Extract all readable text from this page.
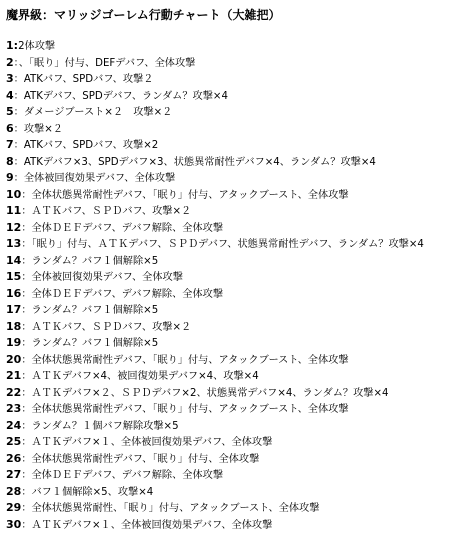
魔界級：マリッジゴーレム行動チャート（大雑把）
1:2体攻撃
2：、「眠り」付与、DEFデバフ、全体攻撃
3：ATKバフ、SPDバフ、攻撃２
4：ATKデバフ、SPDデバフ、ランダム？攻撃×4
5：ダメージブースト×２　攻撃×２
6：攻撃×２
7：ATKバフ、SPDバフ、攻撃×2
8：ATKデバフ×3、SPDデバフ×3、状態異常耐性デバフ×4、ランダム？攻撃×4
9：全体被回復効果デバフ、全体攻撃
10：全体状態異常耐性デバフ、「眠り」付与、アタックブースト、全体攻撃
11：ＡＴＫバフ、ＳＰＤバフ、攻撃×２
12：全体ＤＥＦデバフ、デバフ解除、全体攻撃
13：「眠り」付与、ＡＴＫデバフ、ＳＰＤデバフ、状態異常耐性デバフ、ランダム？攻撃×4
14：ランダム？バフ１個解除×5
15：全体被回復効果デバフ、全体攻撃
16：全体ＤＥＦデバフ、デバフ解除、全体攻撃
17：ランダム？バフ１個解除×5
18：ＡＴＫバフ、ＳＰＤバフ、攻撃×２
19：ランダム？バフ１個解除×5
20：全体状態異常耐性デバフ、「眠り」付与、アタックブースト、全体攻撃
21：ＡＴＫデバフ×4、被回復効果デバフ×4、攻撃×4
22：ＡＴＫデバフ×２、ＳＰＤデバフ×2、状態異常デバフ×4、ランダム？攻撃×4
23：全体状態異常耐性デバフ、「眠り」付与、アタックブースト、全体攻撃
24：ランダム？１個バフ解除攻撃×5
25：ＡＴＫデバフ×１、全体被回復効果デバフ、全体攻撃
26：全体状態異常耐性デバフ、「眠り」付与、全体攻撃
27：全体ＤＥＦデバフ、デバフ解除、全体攻撃
28：バフ１個解除×5、攻撃×4
29：全体状態異常耐性、「眠り」付与、アタックブースト、全体攻撃
30：ＡＴＫデバフ×１、全体被回復効果デバフ、全体攻撃
